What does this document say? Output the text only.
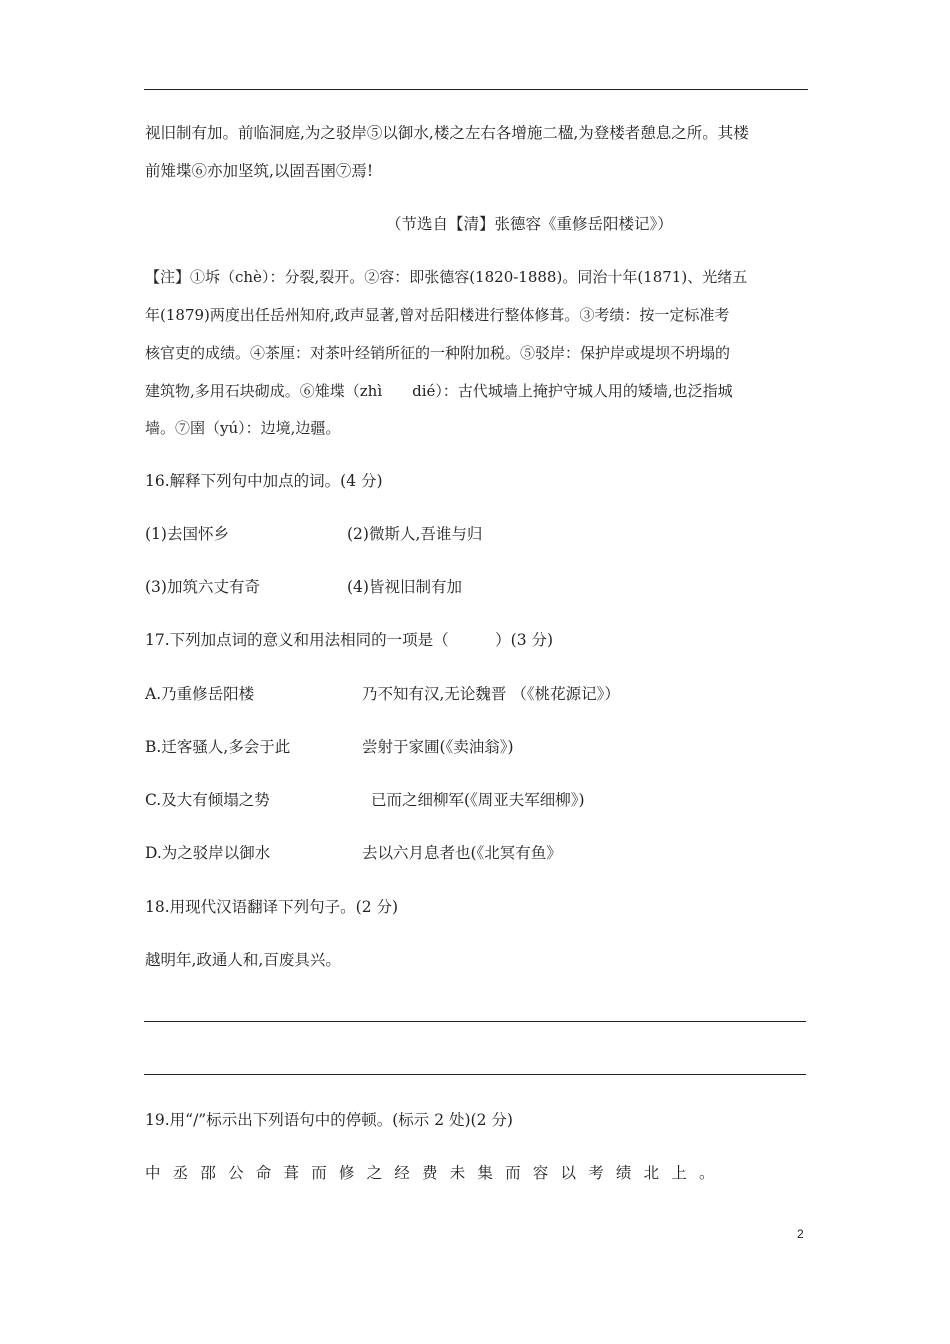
视旧制有加。前临洞庭,为之驳岸⑤以御水,楼之左右各增施二楹,为登楼者憩息之所。其楼
前雉堞⑥亦加坚筑,以固吾圉⑦焉!
（节选自【清】张德容《重修岳阳楼记》）
【注】①坼（chè）：分裂,裂开。②容：即张德容(1820-1888)。同治十年(1871)、光绪五
年(1879)两度出任岳州知府,政声显著,曾对岳阳楼进行整体修葺。③考绩：按一定标准考
核官吏的成绩。④茶厘：对茶叶经销所征的一种附加税。⑤驳岸：保护岸或堤坝不坍塌的
建筑物,多用石块砌成。⑥雉堞（zhì　　dié）：古代城墙上掩护守城人用的矮墙,也泛指城
墙。⑦圉（yú）：边境,边疆。
16.解释下列句中加点的词。(4 分)
(1)去国怀乡	(2)微斯人,吾谁与归
(3)加筑六丈有奇	(4)皆视旧制有加
17.下列加点词的意义和用法相同的一项是（　　　）(3 分)
A.乃重修岳阳楼	乃不知有汉,无论魏晋 （《桃花源记》）
B.迁客骚人,多会于此	尝射于家圃(《卖油翁》)
C.及大有倾塌之势	已而之细柳军(《周亚夫军细柳》)
D.为之驳岸以御水	去以六月息者也(《北冥有鱼》
18.用现代汉语翻译下列句子。(2 分)
越明年,政通人和,百废具兴。
19.用“/”标示出下列语句中的停顿。(标示 2 处)(2 分)
中丞邵公命葺而修之经费未集而容以考绩北上。
2
